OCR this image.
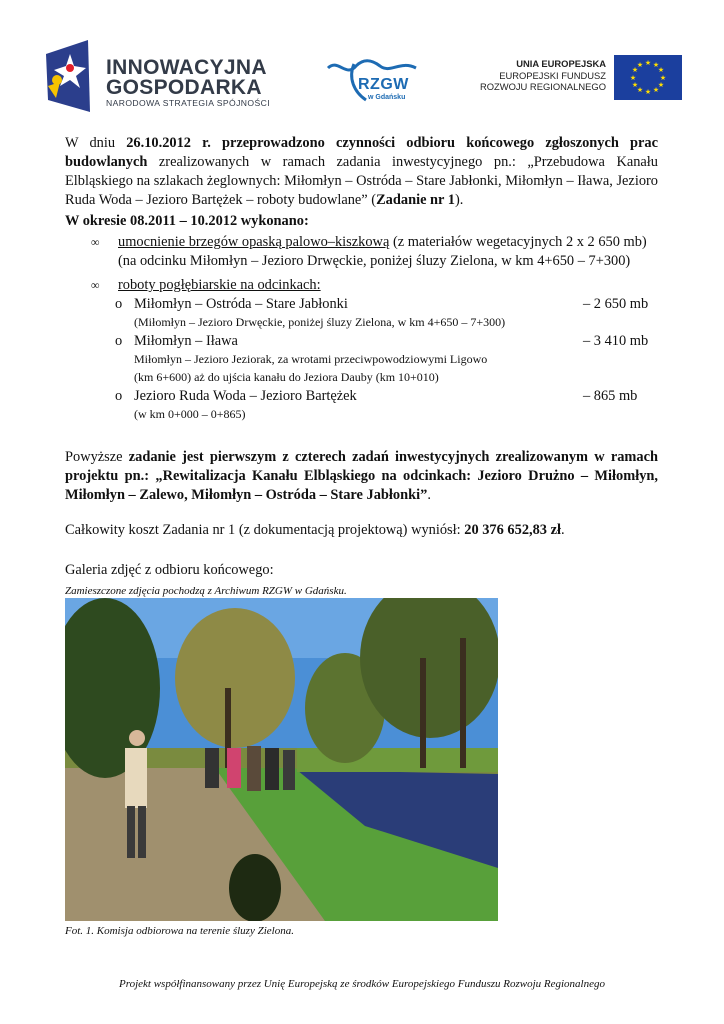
INNOWACYJNA
GOSPODARKA
NARODOWA STRATEGIA SPÓJNOŚCI
RZGW
w Gdańsku
UNIA EUROPEJSKA
EUROPEJSKI FUNDUSZ
ROZWOJU REGIONALNEGO
★ ★
★
★
★
★
★
★
★
★
★
★
W dniu 26.10.2012 r. przeprowadzono czynności odbioru końcowego zgłoszonych prac budowlanych zrealizowanych w ramach zadania inwestycyjnego pn.: „Przebudowa Kanału Elbląskiego na szlakach żeglownych: Miłomłyn – Ostróda – Stare Jabłonki, Miłomłyn – Iława, Jezioro Ruda Woda – Jezioro Bartężek – roboty budowlane” (Zadanie nr 1).
W okresie 08.2011 – 10.2012 wykonano:
∞ umocnienie brzegów opaską palowo–kiszkową (z materiałów wegetacyjnych 2 x 2 650 mb)
(na odcinku Miłomłyn – Jezioro Drwęckie, poniżej śluzy Zielona, w km 4+650 – 7+300)
∞ roboty pogłębiarskie na odcinkach:
o Miłomłyn – Ostróda – Stare Jabłonki	– 2 650 mb
(Miłomłyn – Jezioro Drwęckie, poniżej śluzy Zielona, w km 4+650 – 7+300)
o Miłomłyn – Iława	– 3 410 mb
Miłomłyn – Jezioro Jeziorak, za wrotami przeciwpowodziowymi Ligowo
(km 6+600) aż do ujścia kanału do Jeziora Dauby (km 10+010)
o Jezioro Ruda Woda – Jezioro Bartężek	– 865 mb
(w km 0+000 – 0+865)
Powyższe zadanie jest pierwszym z czterech zadań inwestycyjnych zrealizowanym w ramach projektu pn.: „Rewitalizacja Kanału Elbląskiego na odcinkach: Jezioro Drużno – Miłomłyn, Miłomłyn – Zalewo, Miłomłyn – Ostróda – Stare Jabłonki”.
Całkowity koszt Zadania nr 1 (z dokumentacją projektową) wyniósł: 20 376 652,83 zł.
Galeria zdjęć z odbioru końcowego:
Zamieszczone zdjęcia pochodzą z Archiwum RZGW w Gdańsku.
Fot. 1. Komisja odbiorowa na terenie śluzy Zielona.
Projekt współfinansowany przez Unię Europejską ze środków Europejskiego Funduszu Rozwoju Regionalnego
